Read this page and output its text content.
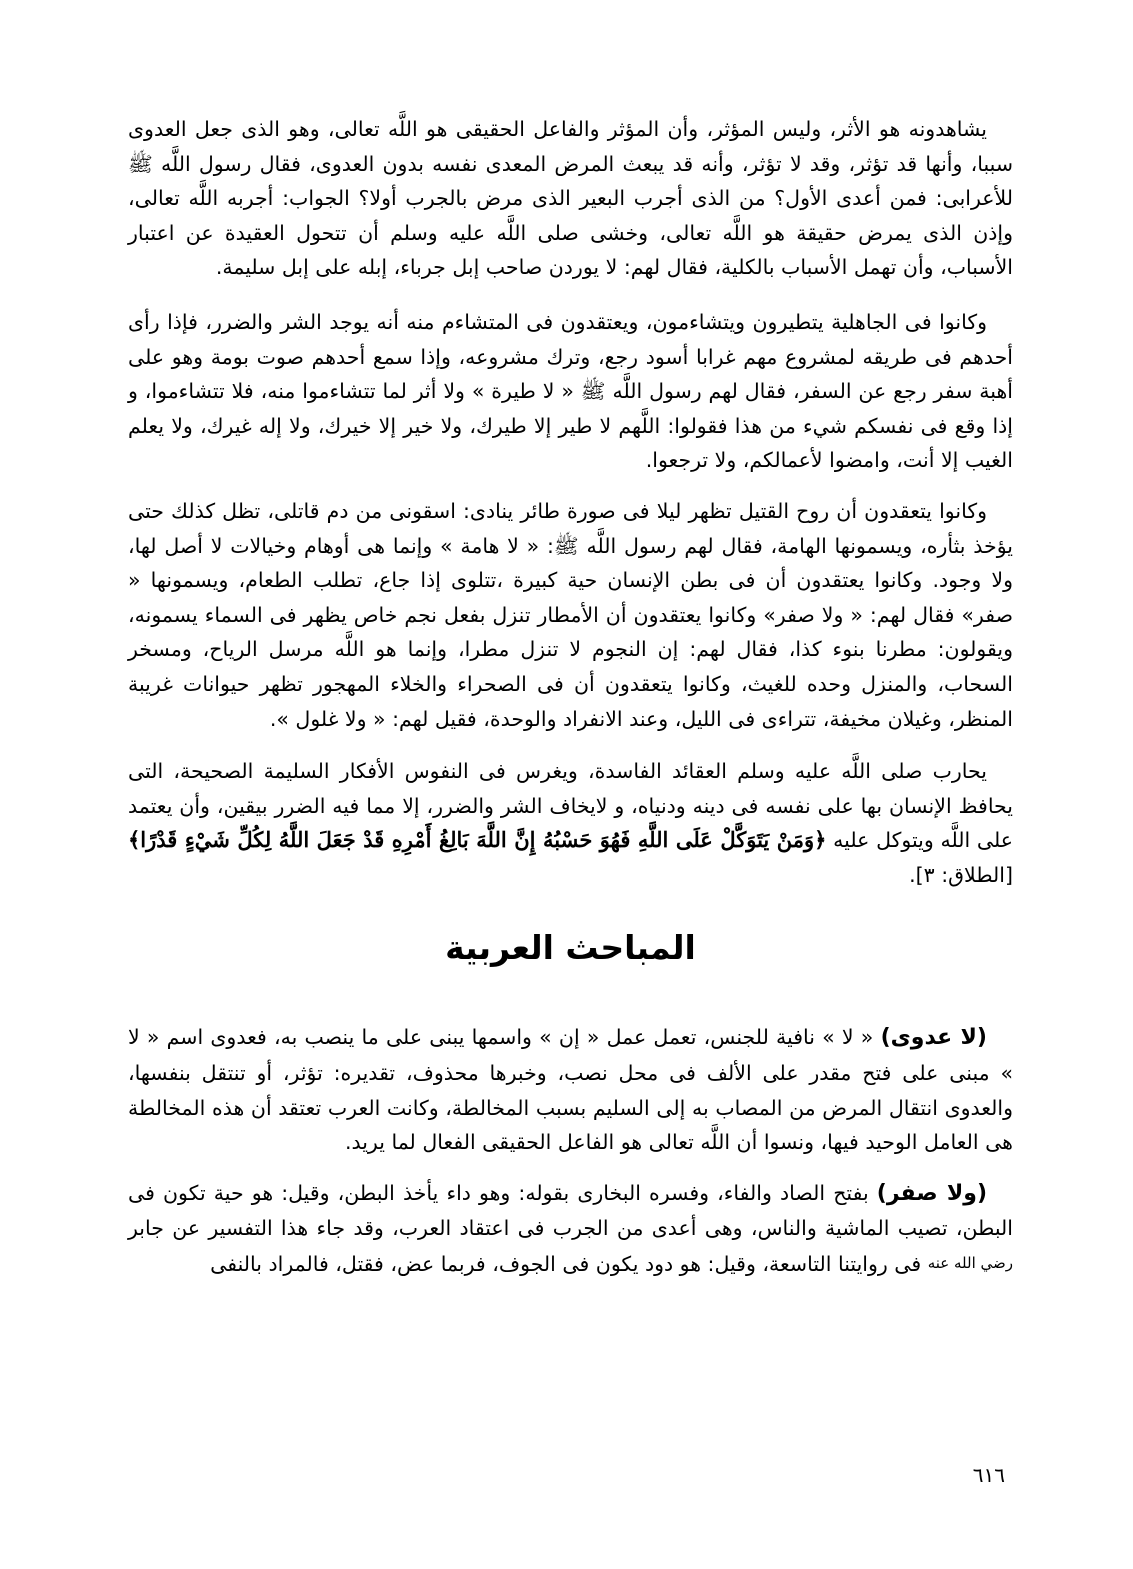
يشاهدونه هو الأثر، وليس المؤثر، وأن المؤثر والفاعل الحقيقى هو اللَّه تعالى، وهو الذى جعل العدوى سببا، وأنها قد تؤثر، وقد لا تؤثر، وأنه قد يبعث المرض المعدى نفسه بدون العدوى، فقال رسول اللَّه ﷺ للأعرابى: فمن أعدى الأول؟ من الذى أجرب البعير الذى مرض بالجرب أولا؟ الجواب: أجربه اللَّه تعالى، وإذن الذى يمرض حقيقة هو اللَّه تعالى، وخشى صلى اللَّه عليه وسلم أن تتحول العقيدة عن اعتبار الأسباب، وأن تهمل الأسباب بالكلية، فقال لهم: لا يوردن صاحب إبل جرباء، إبله على إبل سليمة.

وكانوا فى الجاهلية يتطيرون ويتشاءمون، ويعتقدون فى المتشاءم منه أنه يوجد الشر والضرر، فإذا رأى أحدهم فى طريقه لمشروع مهم غرابا أسود رجع، وترك مشروعه، وإذا سمع أحدهم صوت بومة وهو على أهبة سفر رجع عن السفر، فقال لهم رسول اللَّه ﷺ « لا طيرة » ولا أثر لما تتشاءموا منه، فلا تتشاءموا، و إذا وقع فى نفسكم شيء من هذا فقولوا: اللَّهم لا طير إلا طيرك، ولا خير إلا خيرك، ولا إله غيرك، ولا يعلم الغيب إلا أنت، وامضوا لأعمالكم، ولا ترجعوا.

وكانوا يتعقدون أن روح القتيل تظهر ليلا فى صورة طائر ينادى: اسقونى من دم قاتلى، تظل كذلك حتى يؤخذ بثأره، ويسمونها الهامة، فقال لهم رسول اللَّه ﷺ: « لا هامة » وإنما هى أوهام وخيالات لا أصل لها، ولا وجود. وكانوا يعتقدون أن فى بطن الإنسان حية كبيرة ،تتلوى إذا جاع، تطلب الطعام، ويسمونها « صفر» فقال لهم: « ولا صفر» وكانوا يعتقدون أن الأمطار تنزل بفعل نجم خاص يظهر فى السماء يسمونه، ويقولون: مطرنا بنوء كذا، فقال لهم: إن النجوم لا تنزل مطرا، وإنما هو اللَّه مرسل الرياح، ومسخر السحاب، والمنزل وحده للغيث، وكانوا يتعقدون أن فى الصحراء والخلاء المهجور تظهر حيوانات غريبة المنظر، وغيلان مخيفة، تتراءى فى الليل، وعند الانفراد والوحدة، فقيل لهم: « ولا غلول ».

يحارب صلى اللَّه عليه وسلم العقائد الفاسدة، ويغرس فى النفوس الأفكار السليمة الصحيحة، التى يحافظ الإنسان بها على نفسه فى دينه ودنياه، و لايخاف الشر والضرر، إلا مما فيه الضرر بيقين، وأن يعتمد على اللَّه ويتوكل عليه ﴿وَمَنْ يَتَوَكَّلْ عَلَى اللَّهِ فَهُوَ حَسْبُهُ إِنَّ اللَّهَ بَالِغُ أَمْرِهِ قَدْ جَعَلَ اللَّهُ لِكُلِّ شَيْءٍ قَدْرًا﴾ [الطلاق: ٣].

المباحث العربية

(لا عدوى) « لا » نافية للجنس، تعمل عمل « إن » واسمها يبنى على ما ينصب به، فعدوى اسم « لا » مبنى على فتح مقدر على الألف فى محل نصب، وخبرها محذوف، تقديره: تؤثر، أو تنتقل بنفسها، والعدوى انتقال المرض من المصاب به إلى السليم بسبب المخالطة، وكانت العرب تعتقد أن هذه المخالطة هى العامل الوحيد فيها، ونسوا أن اللَّه تعالى هو الفاعل الحقيقى الفعال لما يريد.

(ولا صفر) بفتح الصاد والفاء، وفسره البخارى بقوله: وهو داء يأخذ البطن، وقيل: هو حية تكون فى البطن، تصيب الماشية والناس، وهى أعدى من الجرب فى اعتقاد العرب، وقد جاء هذا التفسير عن جابر رضي الله عنه فى روايتنا التاسعة، وقيل: هو دود يكون فى الجوف، فربما عض، فقتل، فالمراد بالنفى

٦١٦
